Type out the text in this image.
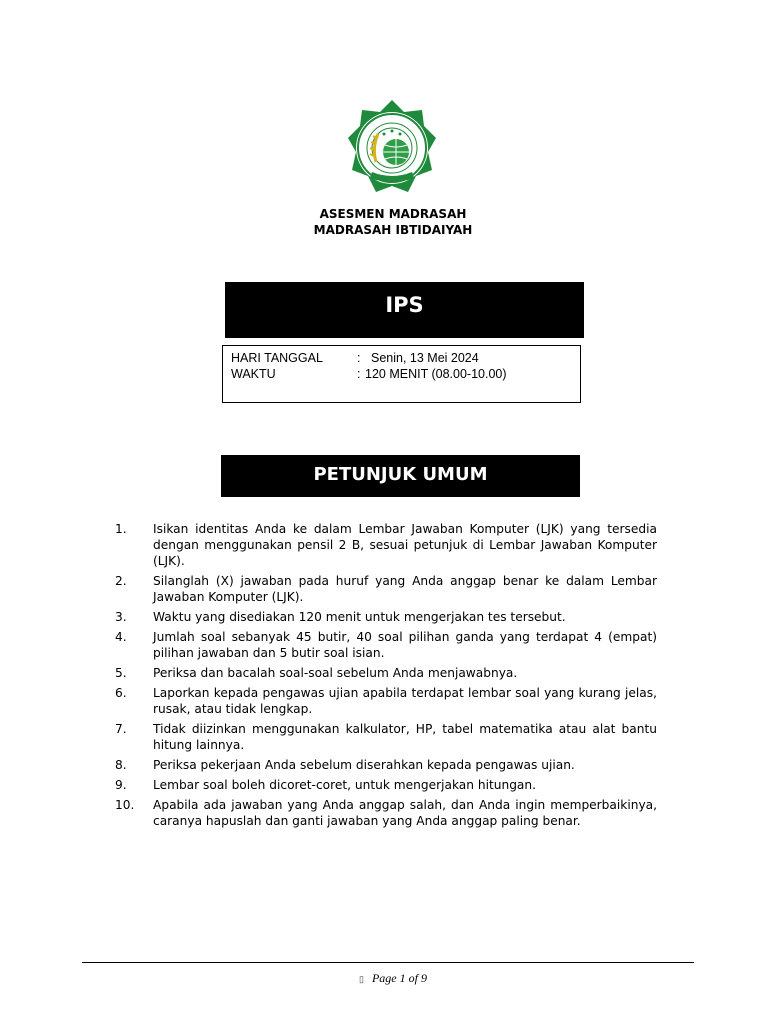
ASESMEN MADRASAH
MADRASAH IBTIDAIYAH
IPS
HARI TANGGAL	: Senin, 13 Mei 2024
WAKTU	: 120 MENIT (08.00-10.00)
PETUNJUK UMUM
1. Isikan identitas Anda ke dalam Lembar Jawaban Komputer (LJK) yang tersedia dengan menggunakan pensil 2 B, sesuai petunjuk di Lembar Jawaban Komputer (LJK).
2. Silanglah (X) jawaban pada huruf yang Anda anggap benar ke dalam Lembar Jawaban Komputer (LJK).
3. Waktu yang disediakan 120 menit untuk mengerjakan tes tersebut.
4. Jumlah soal sebanyak 45 butir, 40 soal pilihan ganda yang terdapat 4 (empat) pilihan jawaban dan 5 butir soal isian.
5. Periksa dan bacalah soal-soal sebelum Anda menjawabnya.
6. Laporkan kepada pengawas ujian apabila terdapat lembar soal yang kurang jelas, rusak, atau tidak lengkap.
7. Tidak diizinkan menggunakan kalkulator, HP, tabel matematika atau alat bantu hitung lainnya.
8. Periksa pekerjaan Anda sebelum diserahkan kepada pengawas ujian.
9. Lembar soal boleh dicoret-coret, untuk mengerjakan hitungan.
10. Apabila ada jawaban yang Anda anggap salah, dan Anda ingin memperbaikinya, caranya hapuslah dan ganti jawaban yang Anda anggap paling benar.
▯ Page 1 of 9
